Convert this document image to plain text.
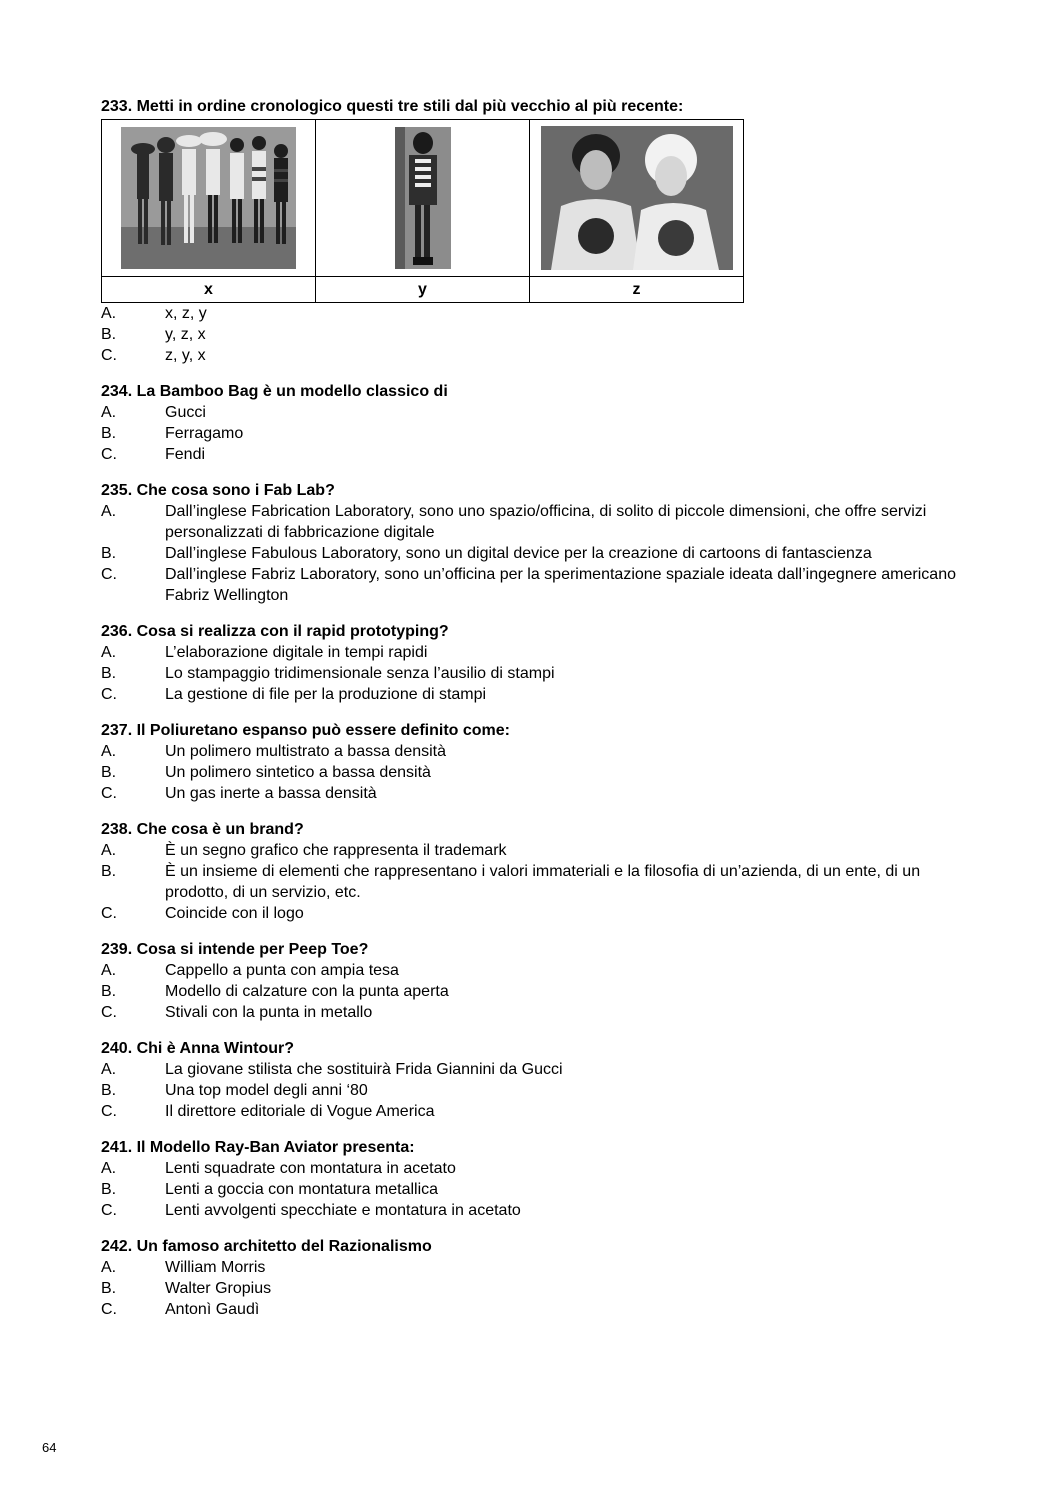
233. Metti in ordine cronologico questi tre stili dal più vecchio al più recente:

x	y	z
A.	x, z, y
B.	y, z, x
C.	z, y, x
234. La Bamboo Bag è un modello classico di
A.	Gucci
B.	Ferragamo
C.	Fendi
235. Che cosa sono i Fab Lab?
A.	Dall’inglese Fabrication Laboratory, sono uno spazio/officina, di solito di piccole dimensioni, che offre servizi personalizzati di fabbricazione digitale
B.	Dall’inglese Fabulous Laboratory, sono un digital device per la creazione di cartoons di fantascienza
C.	Dall’inglese Fabriz Laboratory, sono un’officina per la sperimentazione spaziale ideata dall’ingegnere americano Fabriz Wellington
236. Cosa si realizza con il rapid prototyping?
A.	L’elaborazione digitale in tempi rapidi
B.	Lo stampaggio tridimensionale senza l’ausilio di stampi
C.	La gestione di file per la produzione di stampi
237. Il Poliuretano espanso può essere definito come:
A.	Un polimero multistrato a bassa densità
B.	Un polimero sintetico a bassa densità
C.	Un gas inerte a bassa densità
238. Che cosa è un brand?
A.	È un segno grafico che rappresenta il trademark
B.	È un insieme di elementi che rappresentano i valori immateriali e la filosofia di un’azienda, di un ente, di un prodotto, di un servizio, etc.
C.	Coincide con il logo
239. Cosa si intende per Peep Toe?
A.	Cappello a punta con ampia tesa
B.	Modello di calzature con la punta aperta
C.	Stivali con la punta in metallo
240. Chi è Anna Wintour?
A.	La giovane stilista che sostituirà Frida Giannini da Gucci
B.	Una top model degli anni ‘80
C.	Il direttore editoriale di Vogue America
241. Il Modello Ray-Ban Aviator presenta:
A.	Lenti squadrate con montatura in acetato
B.	Lenti a goccia con montatura metallica
C.	Lenti avvolgenti specchiate e montatura in acetato
242. Un famoso architetto del Razionalismo
A.	William Morris
B.	Walter Gropius
C.	Antonì Gaudì
64
